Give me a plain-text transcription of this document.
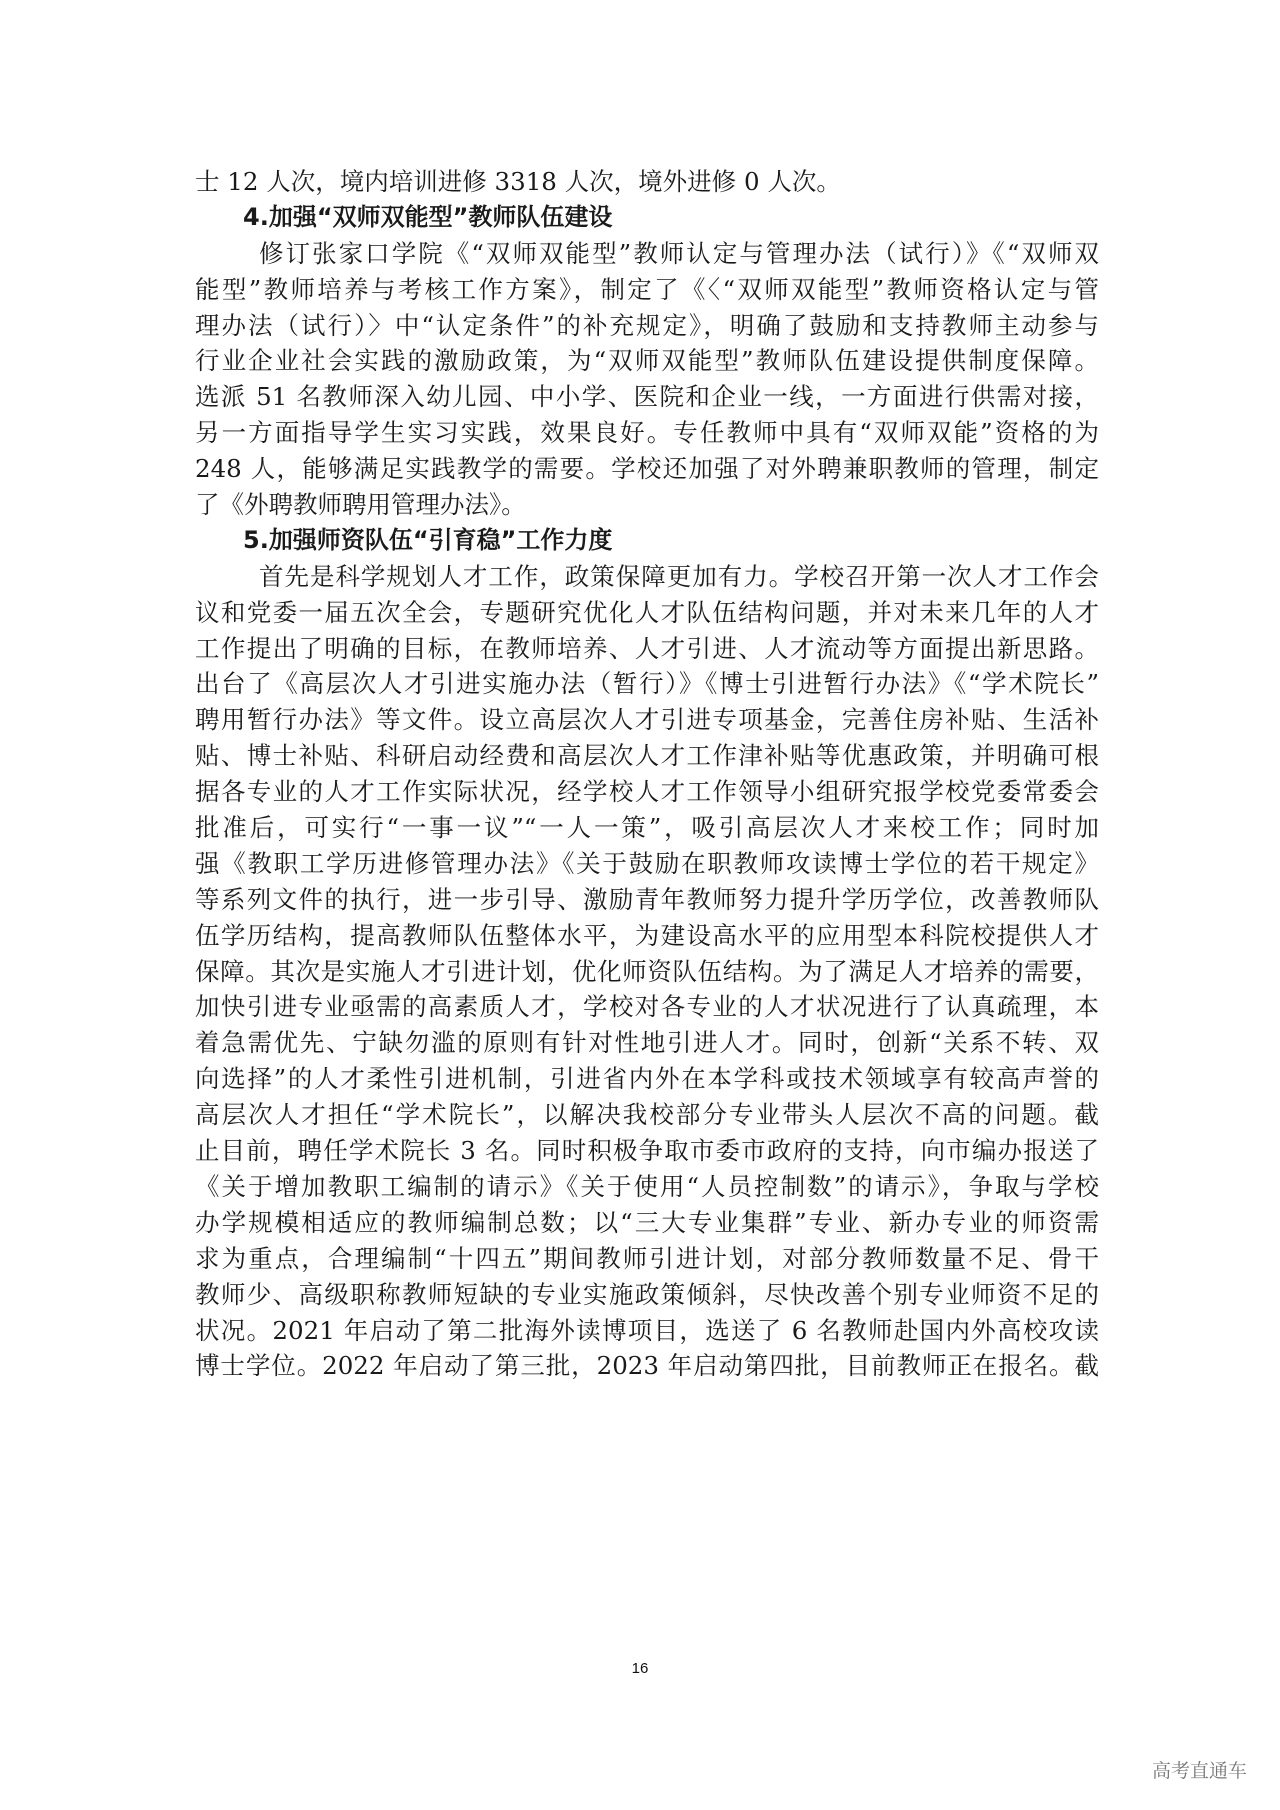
士 12 人次，境内培训进修 3318 人次，境外进修 0 人次。
4.加强“双师双能型”教师队伍建设
修订张家口学院《“双师双能型”教师认定与管理办法（试行）》《“双师双
能型”教师培养与考核工作方案》，制定了《〈“双师双能型”教师资格认定与管
理办法（试行）〉中“认定条件”的补充规定》，明确了鼓励和支持教师主动参与
行业企业社会实践的激励政策，为“双师双能型”教师队伍建设提供制度保障。
选派 51 名教师深入幼儿园、中小学、医院和企业一线，一方面进行供需对接，
另一方面指导学生实习实践，效果良好。专任教师中具有“双师双能”资格的为
248 人，能够满足实践教学的需要。学校还加强了对外聘兼职教师的管理，制定
了《外聘教师聘用管理办法》。
5.加强师资队伍“引育稳”工作力度
首先是科学规划人才工作，政策保障更加有力。学校召开第一次人才工作会
议和党委一届五次全会，专题研究优化人才队伍结构问题，并对未来几年的人才
工作提出了明确的目标，在教师培养、人才引进、人才流动等方面提出新思路。
出台了《高层次人才引进实施办法（暂行）》《博士引进暂行办法》《“学术院长”
聘用暂行办法》等文件。设立高层次人才引进专项基金，完善住房补贴、生活补
贴、博士补贴、科研启动经费和高层次人才工作津补贴等优惠政策，并明确可根
据各专业的人才工作实际状况，经学校人才工作领导小组研究报学校党委常委会
批准后，可实行“一事一议”“一人一策”，吸引高层次人才来校工作；同时加
强《教职工学历进修管理办法》《关于鼓励在职教师攻读博士学位的若干规定》
等系列文件的执行，进一步引导、激励青年教师努力提升学历学位，改善教师队
伍学历结构，提高教师队伍整体水平，为建设高水平的应用型本科院校提供人才
保障。其次是实施人才引进计划，优化师资队伍结构。为了满足人才培养的需要，
加快引进专业亟需的高素质人才，学校对各专业的人才状况进行了认真疏理，本
着急需优先、宁缺勿滥的原则有针对性地引进人才。同时，创新“关系不转、双
向选择”的人才柔性引进机制，引进省内外在本学科或技术领域享有较高声誉的
高层次人才担任“学术院长”，以解决我校部分专业带头人层次不高的问题。截
止目前，聘任学术院长 3 名。同时积极争取市委市政府的支持，向市编办报送了
《关于增加教职工编制的请示》《关于使用“人员控制数”的请示》，争取与学校
办学规模相适应的教师编制总数；以“三大专业集群”专业、新办专业的师资需
求为重点，合理编制“十四五”期间教师引进计划，对部分教师数量不足、骨干
教师少、高级职称教师短缺的专业实施政策倾斜，尽快改善个别专业师资不足的
状况。2021 年启动了第二批海外读博项目，选送了 6 名教师赴国内外高校攻读
博士学位。2022 年启动了第三批，2023 年启动第四批，目前教师正在报名。截
16
高考直通车
